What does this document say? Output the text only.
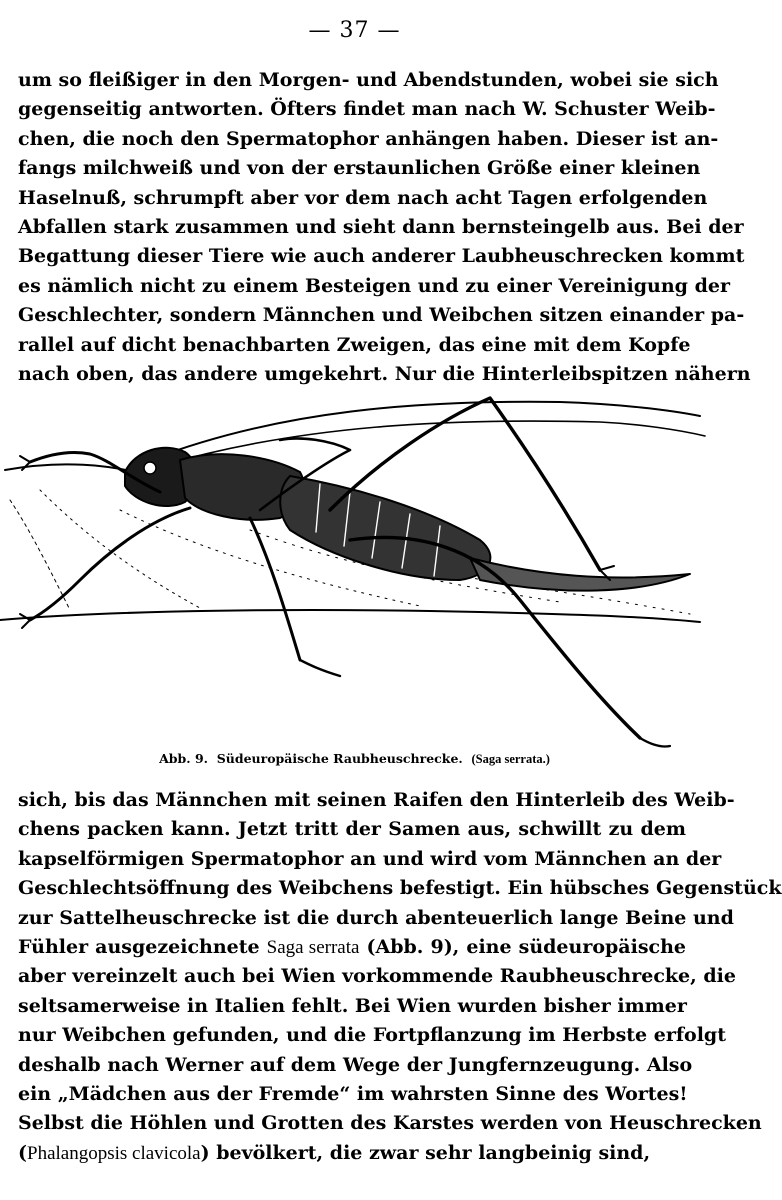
— 37 —
um so fleißiger in den Morgen- und Abendstunden, wobei sie sich
gegenseitig antworten. Öfters findet man nach W. Schuster Weib-
chen, die noch den Spermatophor anhängen haben. Dieser ist an-
fangs milchweiß und von der erstaunlichen Größe einer kleinen
Haselnuß, schrumpft aber vor dem nach acht Tagen erfolgenden
Abfallen stark zusammen und sieht dann bernsteingelb aus. Bei der
Begattung dieser Tiere wie auch anderer Laubheuschrecken kommt
es nämlich nicht zu einem Besteigen und zu einer Vereinigung der
Geschlechter, sondern Männchen und Weibchen sitzen einander pa-
rallel auf dicht benachbarten Zweigen, das eine mit dem Kopfe
nach oben, das andere umgekehrt. Nur die Hinterleibspitzen nähern
Abb. 9. Südeuropäische Raubheuschrecke. (Saga serrata.)
sich, bis das Männchen mit seinen Raifen den Hinterleib des Weib-
chens packen kann. Jetzt tritt der Samen aus, schwillt zu dem
kapselförmigen Spermatophor an und wird vom Männchen an der
Geschlechtsöffnung des Weibchens befestigt. Ein hübsches Gegenstück
zur Sattelheuschrecke ist die durch abenteuerlich lange Beine und
Fühler ausgezeichnete Saga serrata (Abb. 9), eine südeuropäische
aber vereinzelt auch bei Wien vorkommende Raubheuschrecke, die
seltsamerweise in Italien fehlt. Bei Wien wurden bisher immer
nur Weibchen gefunden, und die Fortpflanzung im Herbste erfolgt
deshalb nach Werner auf dem Wege der Jungfernzeugung. Also
ein „Mädchen aus der Fremde“ im wahrsten Sinne des Wortes!
Selbst die Höhlen und Grotten des Karstes werden von Heuschrecken
(Phalangopsis clavicola) bevölkert, die zwar sehr langbeinig sind,
